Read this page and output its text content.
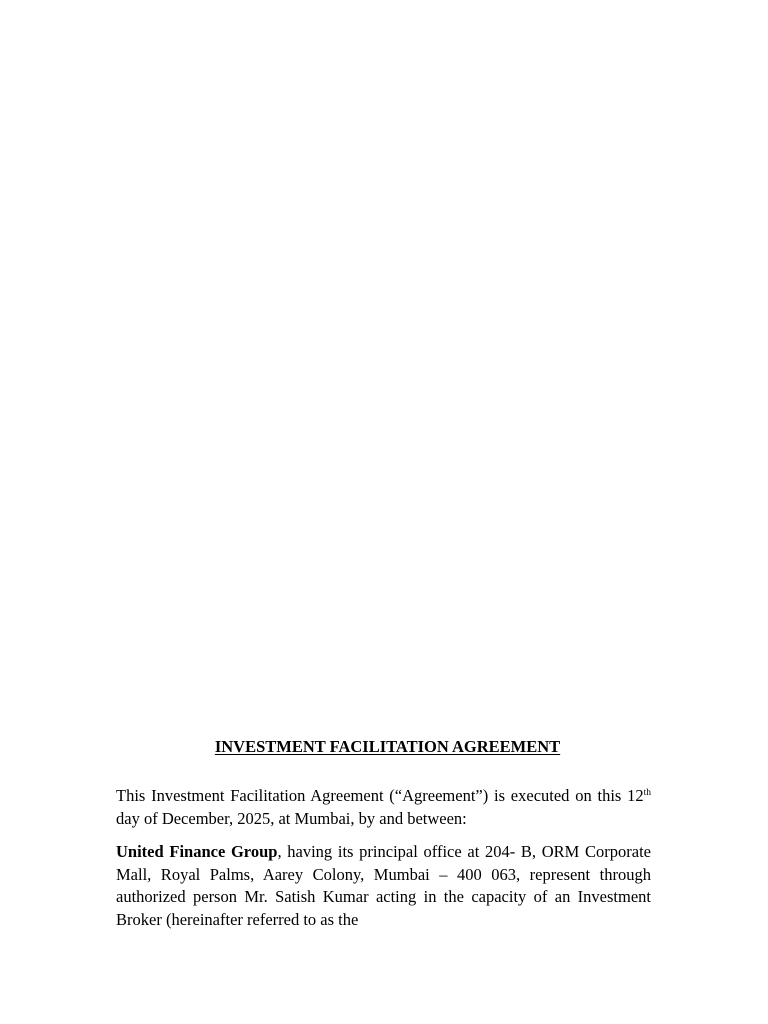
INVESTMENT FACILITATION AGREEMENT

This Investment Facilitation Agreement (“Agreement”) is executed on this 12th day of December, 2025, at Mumbai, by and between:

United Finance Group, having its principal office at 204- B, ORM Corporate Mall, Royal Palms, Aarey Colony, Mumbai – 400 063, represent through authorized person Mr. Satish Kumar acting in the capacity of an Investment Broker (hereinafter referred to as the
